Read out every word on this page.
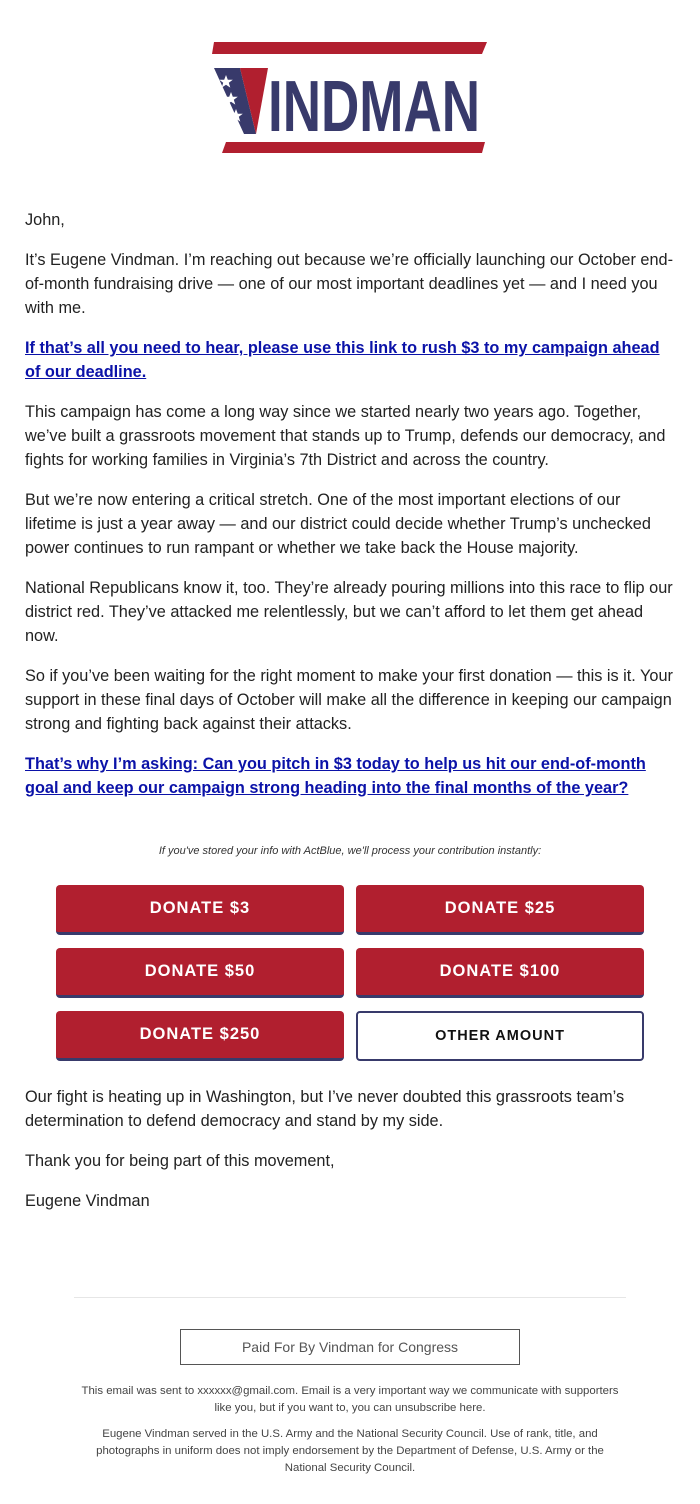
INDMAN

John,

It’s Eugene Vindman. I’m reaching out because we’re officially launching our October end-of-month fundraising drive — one of our most important deadlines yet — and I need you with me.

If that’s all you need to hear, please use this link to rush $3 to my campaign ahead of our deadline.

This campaign has come a long way since we started nearly two years ago. Together, we’ve built a grassroots movement that stands up to Trump, defends our democracy, and fights for working families in Virginia’s 7th District and across the country.

But we’re now entering a critical stretch. One of the most important elections of our lifetime is just a year away — and our district could decide whether Trump’s unchecked power continues to run rampant or whether we take back the House majority.

National Republicans know it, too. They’re already pouring millions into this race to flip our district red. They’ve attacked me relentlessly, but we can’t afford to let them get ahead now.

So if you’ve been waiting for the right moment to make your first donation — this is it. Your support in these final days of October will make all the difference in keeping our campaign strong and fighting back against their attacks.

That’s why I’m asking: Can you pitch in $3 today to help us hit our end-of-month goal and keep our campaign strong heading into the final months of the year?

If you've stored your info with ActBlue, we'll process your contribution instantly:
DONATE $3	DONATE $25
DONATE $50	DONATE $100
DONATE $250	OTHER AMOUNT

Our fight is heating up in Washington, but I’ve never doubted this grassroots team’s determination to defend democracy and stand by my side.

Thank you for being part of this movement,

Eugene Vindman

Paid For By Vindman for Congress

This email was sent to xxxxxx@gmail.com. Email is a very important way we communicate with supporters like you, but if you want to, you can unsubscribe here.

Eugene Vindman served in the U.S. Army and the National Security Council. Use of rank, title, and photographs in uniform does not imply endorsement by the Department of Defense, U.S. Army or the National Security Council.
